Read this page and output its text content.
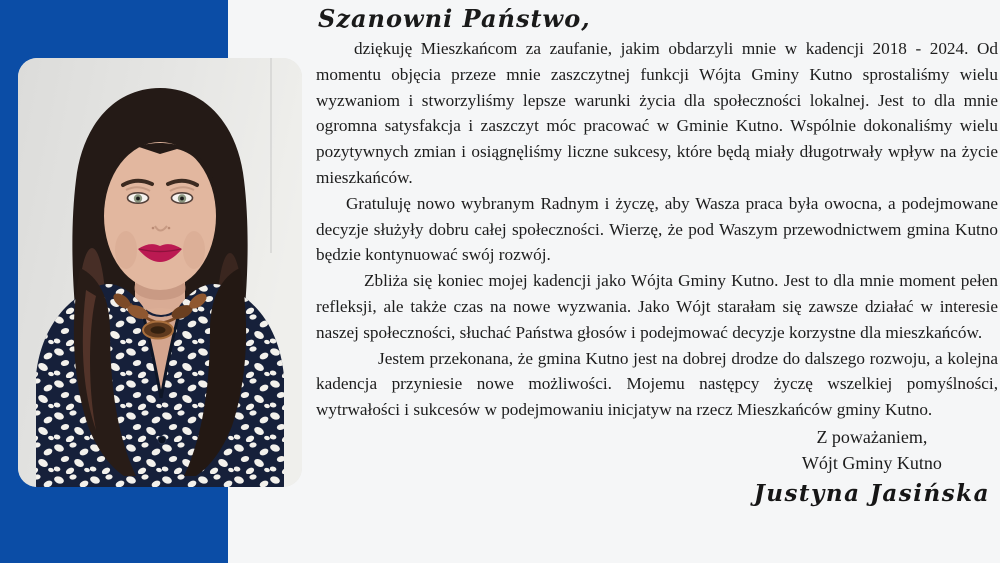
Szanowni Państwo,

dziękuję Mieszkańcom za zaufanie, jakim obdarzyli mnie w kadencji 2018 - 2024. Od momentu objęcia przeze mnie zaszczytnej funkcji Wójta Gminy Kutno sprostaliśmy wielu wyzwaniom i stworzyliśmy lepsze warunki życia dla społeczności lokalnej. Jest to dla mnie ogromna satysfakcja i zaszczyt móc pracować w Gminie Kutno. Wspólnie dokonaliśmy wielu pozytywnych zmian i osiągnęliśmy liczne sukcesy, które będą miały długotrwały wpływ na życie mieszkańców.

Gratuluję nowo wybranym Radnym i życzę, aby Wasza praca była owocna, a podejmowane decyzje służyły dobru całej społeczności. Wierzę, że pod Waszym przewodnictwem gmina Kutno będzie kontynuować swój rozwój.

Zbliża się koniec mojej kadencji jako Wójta Gminy Kutno. Jest to dla mnie moment pełen refleksji, ale także czas na nowe wyzwania. Jako Wójt starałam się zawsze działać w interesie naszej społeczności, słuchać Państwa głosów i podejmować decyzje korzystne dla mieszkańców.

Jestem przekonana, że gmina Kutno jest na dobrej drodze do dalszego rozwoju, a kolejna kadencja przyniesie nowe możliwości. Mojemu następcy życzę wszelkiej pomyślności, wytrwałości i sukcesów w podejmowaniu inicjatyw na rzecz Mieszkańców gminy Kutno.

Z poważaniem,
Wójt Gminy Kutno
Justyna Jasińska
